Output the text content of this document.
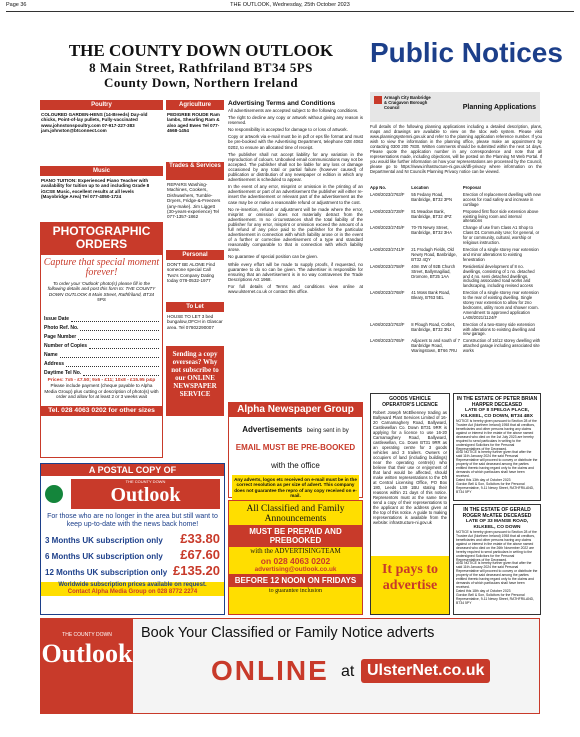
Page 36	THE OUTLOOK, Wednesday, 25th October 2023
THE COUNTY DOWN OUTLOOK
8 Main Street, Rathfriland BT34 5PS
County Down, Northern Ireland
Poultry
COLOURED GARDEN-HENS (14-Breeds) Day-old chicks, Point-of-lay pullets, Fully-vaccinated www.johnstonspoultry.com 07-917-227-383 jam.johnston@btconnect.com
Music
PIANO TUITION: Experienced Piano Teacher with availability for tuition up to and including Grade 8 iGCSE Music, excellent results at all levels (Mayobridge Area) Tel 077-4050-1724
PHOTOGRAPHIC ORDERS
Capture that special moment forever!
To order your 'Outlook' photo(s) please fill in the following details and post this form to: THE COUNTY DOWN OUTLOOK 8 Main Street, Rathfriland, BT34 5PS
Issue Date
Photo Ref. No.
Page Number
Number of Copies
Name
Address
Daytime Tel No.
Prices: 7x5 - £7.50; 9x6 - £11; 10x8 - £15.95 p&p
Please include payment (cheque payable to Alpha Media Group) plus cutting or description of photo(s) with order and allow for at least 2 or 3 weeks wait
Tel. 028 4063 0202 for other sizes
Agriculture
PEDIGREE ROUDE Ram lambs, Shearling Ram & also aged Ewes Tel 077-4668-1454
Trades & Services
REPAIRS Washing-Machines, Cookers, Dishwashers, Tumble-Dryers, Fridge-&-Freezers (any-make). Jim Liggett (30-years-experience) Tel 077-1357-1862
Personal
DON'T BE ALONE Find someone special Call Two's Company Dating today 078-0532-1977
To Let
HOUSE TO LET 3 bed bungalow,OFCH in Glascar area. Tel 07802290007
Sending a copy overseas? Why not subscribe to our ONLINE NEWSPAPER SERVICE
Advertising Terms and Conditions

All advertisements are accepted subject to the following conditions.

The right to decline any copy or artwork without giving any reason is reserved.

No responsibility is accepted for damage to or loss of artwork.

Copy or artwork via e-mail must be in pdf or eps file format and must be pre-booked with the Advertising Department, telephone 028 4063 0202, to ensure an allocated time of receipt.

The publisher shall not accept liability for any variation in the reproduction of colours. Unbooked email communications may not be accepted. The publisher shall not be liable for any loss or damage occasioned by any total or partial failure (however caused) of publication or distribution of any newspaper or edition in which any advertisement is scheduled to appear.

In the event of any error, misprint or omission in the printing of an advertisement or part of an advertisement the publisher will either re-insert the advertisement or relevant part of the advertisement as the case may be or make a reasonable refund or adjustment to the cost.

No re-insertion, refund or adjustment will be made where the error, misprint or omission does not materially detract from the advertisement. In no circumstances shall the total liability of the publisher for any error, misprint or omission exceed the amount of a full refund of any price paid to the publisher for the particular advertisement in connection with which liability arose or in the event of a further or corrective advertisement of a type and standard reasonably comparable to that in connection with which liability arose.

No guarantee of special position can be given.

While every effort will be made to supply proofs, if requested, no guarantee to do so can be given. The advertiser is responsible for ensuring that an advertisement is in no way contravenes the Trade Descriptions Act 1968.

For full details of Terms and conditions view online at www.ulsternet.co.uk or contact this office.

Alpha Newspaper Group
Advertisements being sent in by
EMAIL MUST BE PRE-BOOKED
with the office
Any adverts, logos etc received on e-mail must be in the correct resolution as per size of advert. This company does not guarantee the repro of any copy received on e-mail.
All Classified and Family Announcements
MUST BE PREPAID AND PREBOOKED
with the ADVERTISINGTEAM
on 028 4063 0202
advertising@outlook.co.uk
BEFORE 12 NOON ON FRIDAYS
to guarantee inclusion
A POSTAL COPY OF
THE COUNTY DOWN
Outlook
For those who are no longer in the area but still want to keep up-to-date with the news back home!
3 Months UK subscription only £33.80
6 Months UK subscription only £67.60
12 Months UK subscription only £135.20
Worldwide subscription prices available on request.
Contact Alpha Media Group on 028 8772 2274
THE COUNTY DOWN
Outlook
Book Your Classified or Family Notice adverts
ONLINE at UlsterNet.co.uk
Public Notices
Armagh City Banbridge & Craigavon Borough Council	Planning Applications
Full details of the following planning applications including a detailed description, plans, maps and drawings are available to view on the Idox web system. Please visit www.planningsystemni.gov.uk and refer to the planning application reference number. If you wish to view the information in the planning office, please make an appointment by contacting 0300 200 7830. Written comments should be submitted within the next 14 days. Please quote the application number in any correspondence and note that all representations made, including objections, will be posted on the Planning NI Web Portal. If you would like further information on how your representations are processed by the Council, please go to https://www.infrastructure-ni.gov.uk/dfi-privacy where information on the Departmental and NI Councils Planning Privacy notice can be viewed.
App No.	Location	Proposal
LA08/2023/2763/F	55 Fedany Road, Banbridge, BT32 3PN	Erection of replacement dwelling with new access for road safety and increase in curtilage
LA08/2023/2728/F	81 Meadow Bank, Banbridge, BT32 4PZ	Proposed first floor side extension above existing living room and internal alterations
LA08/2023/2745/F	70-76 Newry Street, Banbridge, BT32 3HA	Change of use from Class A1 Shop to Class D1 Community Use; for general, or for or community, cultural, worship or religious instruction.
LA08/2023/2741/F	21 Frodagh Fields, Old Newry Road, Banbridge, BT32 4QY	Erection of a single storey rear extension and minor alterations to existing fenestration
LA08/2023/2758/F	40m SW of 92B Church Street, Ballymagiliad, Dromore, BT25 1AA	Residential development of 8 no. dwellings, consisting of 1 no. detached and 4 no. semi detached dwellings, including associated road works and landscaping, including revised access
LA08/2023/2768/F	41 Moss Bank Road, Bleary, BT63 5EL	Erection of a single storey rear extension to the rear of existing dwelling. Single storey rear extension to allow for 2no bedrooms, utility room and shower room. Amendment to approved application LA08/2021/1124/F
LA08/2023/2763/F	8 Plough Road, Corbet, Banbridge, BT32 3NJ	Erection of a two-storey side extension with alterations to existing dwelling and new garage.
LA08/2023/2765/F	Adjacent to and south of 7 Banbridge Road, Waringstown, BT66 7RU	Construction of 16/12 storey dwelling with attached garage including associated site works
GOODS VEHICLE OPERATOR'S LICENCE
Robert Joseph McElkenney trading as Ballyward Plant Services Limited of 16-20 Carnamaghery Road, Ballyward, Castlewellan Co. Down BT31 9RR is applying for a licence to use 16-20 Carnamaghery Road, Ballyward, castlewellan, Co. Down BT31 9RR as an operating centre for 3 goods vehicles and 3 trailers. Owners or occupiers of land (including buildings) near the operating centre(s) who believe that their use or enjoyment of that land would be affected, should make written representations to the DfI at Central Licensing Office, PO Box 180, Leeds LS9 1BU stating their reasons within 21 days of this notice. Representors must at the same time send a copy of their representations to the applicant at the address given at the top of this notice. A guide to making representations is available from the website: infrastructure-ni.gov.uk
It pays to
advertise
IN THE ESTATE OF PETER BRIAN HARPER DECEASED
LATE OF 8 SPELGA PLACE, KILKEEL, CO DOWN, BT34 4BX
NOTICE is hereby given pursuant to Section 28 of the Trustee Act (Northern Ireland) 1958 that all creditors, beneficiaries and other persons having any claims against or interest in the estate of the above named deceased who died on the 1st July 2023 are hereby required to send particulars in writing to the undersigned Solicitors for the Personal Representatives of the Deceased.
AND NOTICE is hereby further given that after the said 11th January 2024 the said Personal Representative will proceed to convey or distribute the property of the said deceased among the parties entitled thereto having regard only to the claims and demands of which particulars shall have been received.
Dated this 13th day of October 2023
Gordon Bell & Son, Solicitors for the Personal Representative, 9-11 Newry Street, RATHFRILAND, BT34 5PY
IN THE ESTATE OF GERALD ROGER McATEE DECEASED
LATE OF 33 MANSE ROAD, KILKEEL, CO DOWN
NOTICE is hereby given pursuant to Section 28 of the Trustee Act (Northern Ireland) 1958 that all creditors, beneficiaries and other persons having any claims against or interest in the estate of the above named deceased who died on the 26th November 2022 are hereby required to send particulars in writing to the undersigned Solicitors for the Personal Representatives of the Deceased.
AND NOTICE is hereby further given that after the said 11th January 2024 the said Personal Representative will proceed to convey or distribute the property of the said deceased among the parties entitled thereto having regard only to the claims and demands of which particulars shall have been received.
Dated this 18th day of October 2023
Gordon Bell & Son, Solicitors for the Personal Representative, 9-11 Newry Street, RATHFRILAND, BT34 5PY
